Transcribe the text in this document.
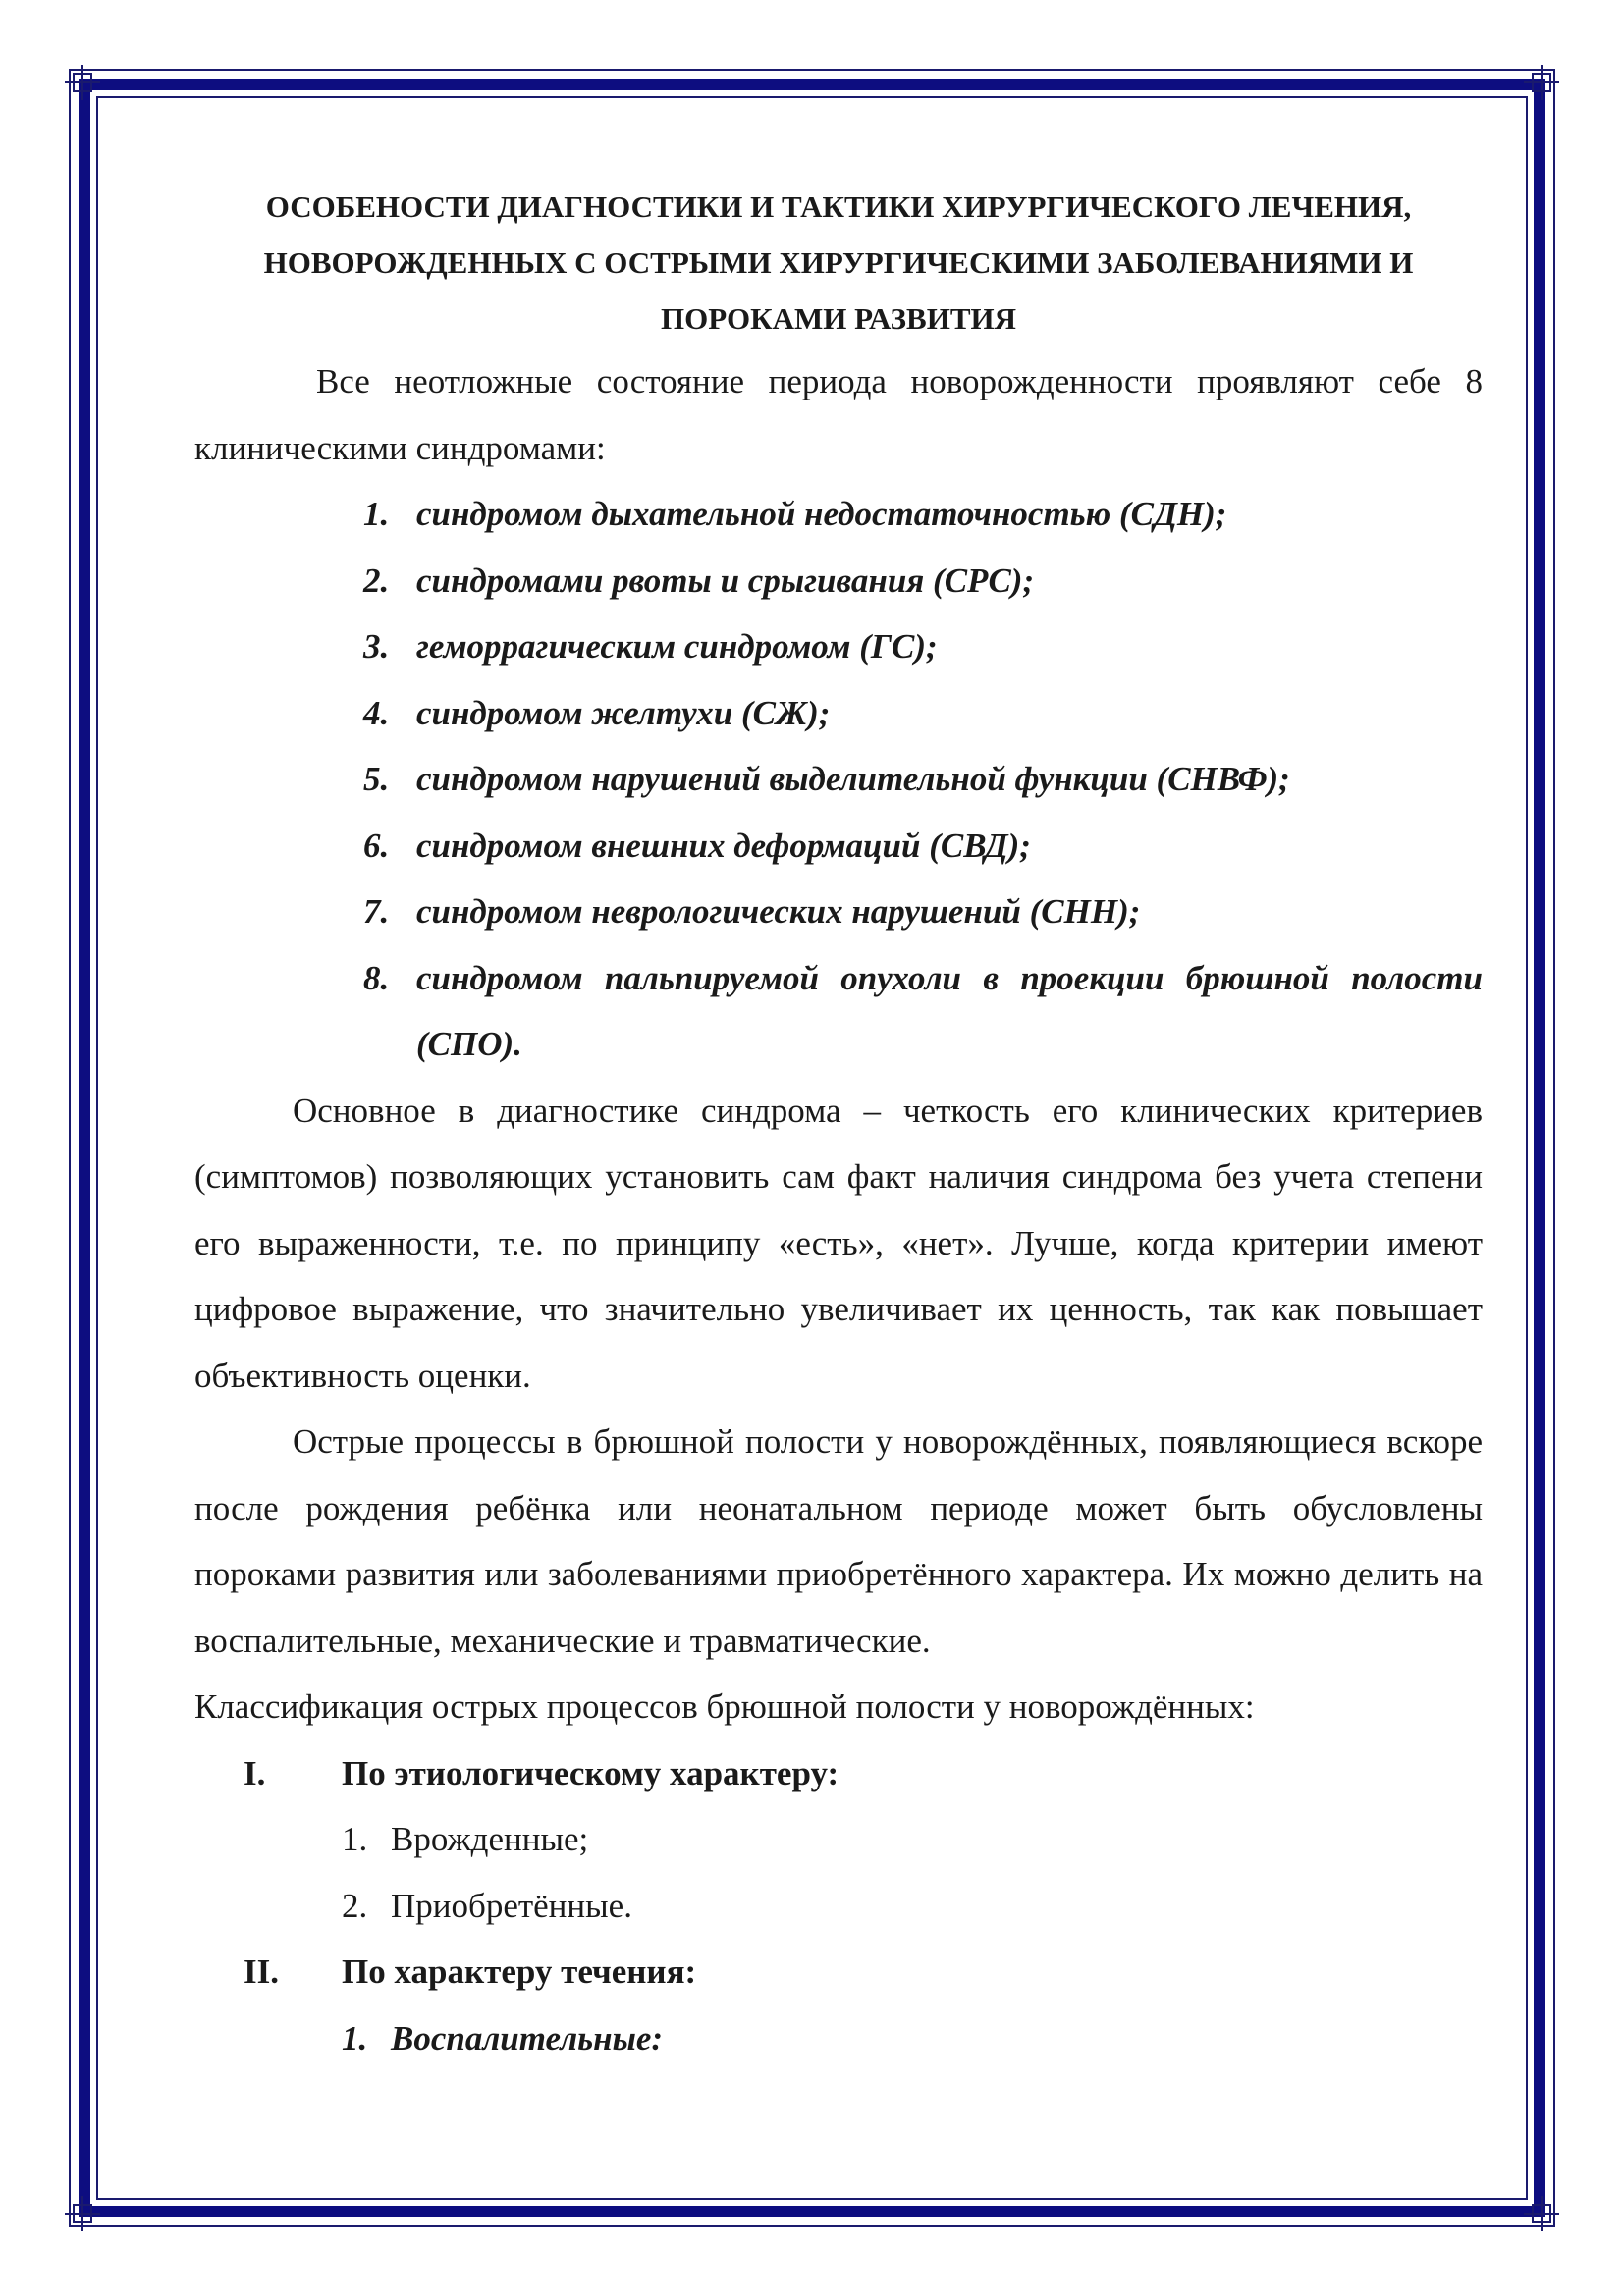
ОСОБЕНОСТИ ДИАГНОСТИКИ И ТАКТИКИ ХИРУРГИЧЕСКОГО ЛЕЧЕНИЯ,
НОВОРОЖДЕННЫХ С ОСТРЫМИ ХИРУРГИЧЕСКИМИ ЗАБОЛЕВАНИЯМИ И
ПОРОКАМИ РАЗВИТИЯ

Все неотложные состояние периода новорожденности проявляют себе 8 клиническими синдромами:

1. синдромом дыхательной недостаточностью (СДН);
2. синдромами рвоты и срыгивания (СРС);
3. геморрагическим синдромом (ГС);
4. синдромом желтухи (СЖ);
5. синдромом нарушений выделительной функции (СНВФ);
6. синдромом внешних деформаций (СВД);
7. синдромом неврологических нарушений (СНН);
8. синдромом пальпируемой опухоли в проекции брюшной полости (СПО).

Основное в диагностике синдрома – четкость его клинических критериев (симптомов) позволяющих установить сам факт наличия синдрома без учета степени его выраженности, т.е. по принципу «есть», «нет». Лучше, когда критерии имеют цифровое выражение, что значительно увеличивает их ценность, так как повышает объективность оценки.

Острые процессы в брюшной полости у новорождённых, появляющиеся вскоре после рождения ребёнка или неонатальном периоде может быть обусловлены пороками развития или заболеваниями приобретённого характера. Их можно делить на воспалительные, механические и травматические.

Классификация острых процессов брюшной полости у новорождённых:

I. По этиологическому характеру:
1. Врожденные;
2. Приобретённые.
II. По характеру течения:
1. Воспалительные:
